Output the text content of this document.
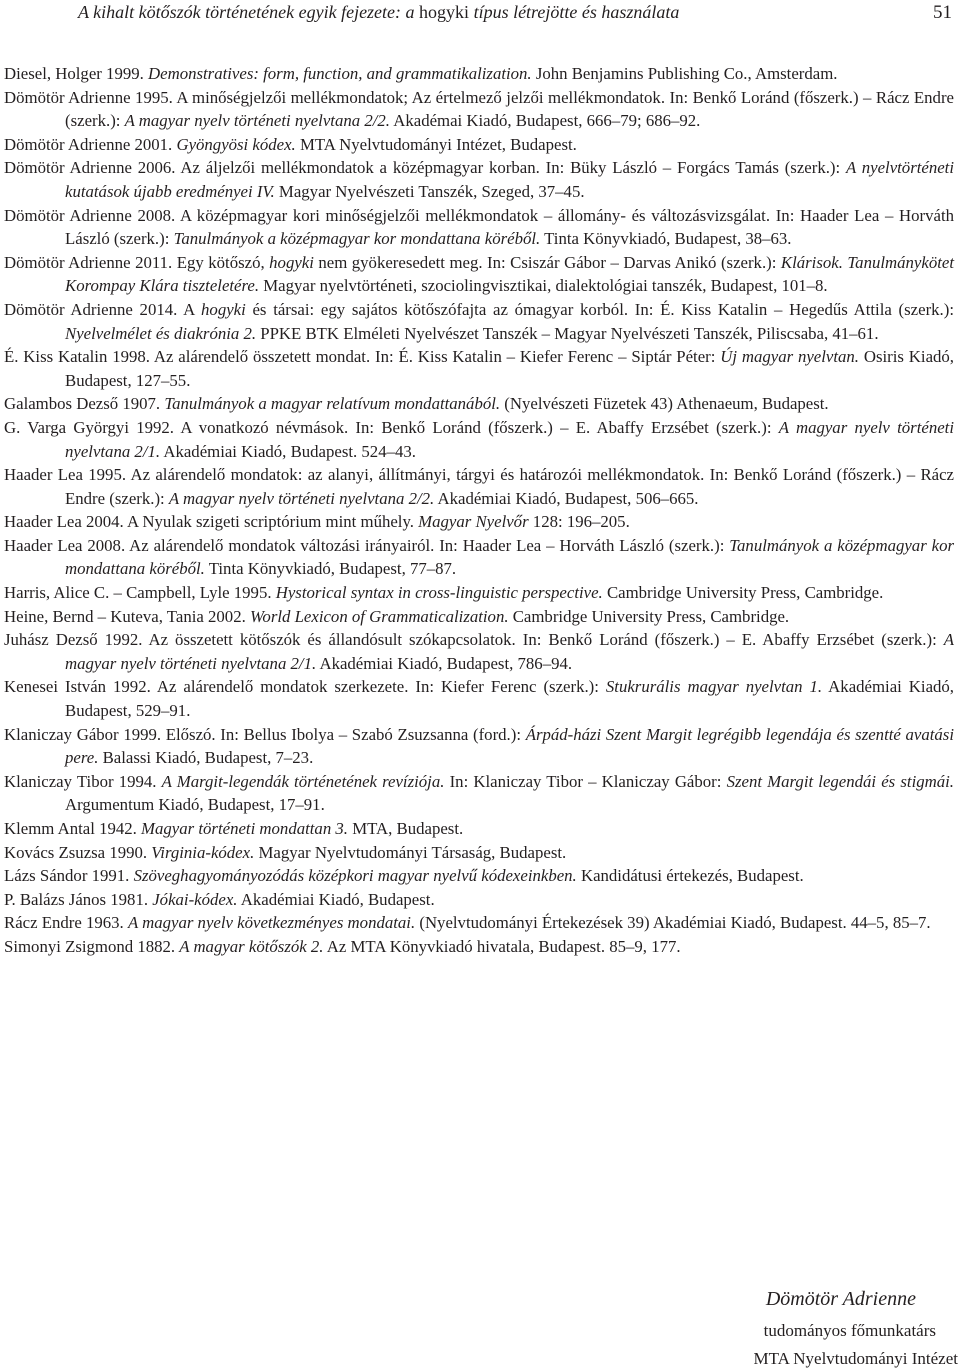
A kihalt kötőszók történetének egyik fejezete: a hogyki típus létrejötte és használata	51

Diesel, Holger 1999. Demonstratives: form, function, and grammatikalization. John Benjamins Publishing Co., Amsterdam.

Dömötör Adrienne 1995. A minőségjelzői mellékmondatok; Az értelmező jelzői mellékmondatok. In: Benkő Loránd (főszerk.) – Rácz Endre (szerk.): A magyar nyelv történeti nyelvtana 2/2. Akadémai Kiadó, Budapest, 666–79; 686–92.

Dömötör Adrienne 2001. Gyöngyösi kódex. MTA Nyelvtudományi Intézet, Budapest.

Dömötör Adrienne 2006. Az áljelzői mellékmondatok a középmagyar korban. In: Büky László – Forgács Tamás (szerk.): A nyelvtörténeti kutatások újabb eredményei IV. Magyar Nyelvészeti Tanszék, Szeged, 37–45.

Dömötör Adrienne 2008. A középmagyar kori minőségjelzői mellékmondatok – állomány- és változásvizsgálat. In: Haader Lea – Horváth László (szerk.): Tanulmányok a középmagyar kor mondattana köréből. Tinta Könyvkiadó, Budapest, 38–63.

Dömötör Adrienne 2011. Egy kötőszó, hogyki nem gyökeresedett meg. In: Csiszár Gábor – Darvas Anikó (szerk.): Klárisok. Tanulmánykötet Korompay Klára tiszteletére. Magyar nyelvtörténeti, szociolingvisztikai, dialektológiai tanszék, Budapest, 101–8.

Dömötör Adrienne 2014. A hogyki és társai: egy sajátos kötőszófajta az ómagyar korból. In: É. Kiss Katalin – Hegedűs Attila (szerk.): Nyelvelmélet és diakrónia 2. PPKE BTK Elméleti Nyelvészet Tanszék – Magyar Nyelvészeti Tanszék, Piliscsaba, 41–61.

É. Kiss Katalin 1998. Az alárendelő összetett mondat. In: É. Kiss Katalin – Kiefer Ferenc – Siptár Péter: Új magyar nyelvtan. Osiris Kiadó, Budapest, 127–55.

Galambos Dezső 1907. Tanulmányok a magyar relatívum mondattanából. (Nyelvészeti Füzetek 43) Athenaeum, Budapest.

G. Varga Györgyi 1992. A vonatkozó névmások. In: Benkő Loránd (főszerk.) – E. Abaffy Erzsébet (szerk.): A magyar nyelv történeti nyelvtana 2/1. Akadémiai Kiadó, Budapest. 524–43.

Haader Lea 1995. Az alárendelő mondatok: az alanyi, állítmányi, tárgyi és határozói mellékmondatok. In: Benkő Loránd (főszerk.) – Rácz Endre (szerk.): A magyar nyelv történeti nyelvtana 2/2. Akadémiai Kiadó, Budapest, 506–665.

Haader Lea 2004. A Nyulak szigeti scriptórium mint műhely. Magyar Nyelvőr 128: 196–205.

Haader Lea 2008. Az alárendelő mondatok változási irányairól. In: Haader Lea – Horváth László (szerk.): Tanulmányok a középmagyar kor mondattana köréből. Tinta Könyvkiadó, Budapest, 77–87.

Harris, Alice C. – Campbell, Lyle 1995. Hystorical syntax in cross-linguistic perspective. Cambridge University Press, Cambridge.

Heine, Bernd – Kuteva, Tania 2002. World Lexicon of Grammaticalization. Cambridge University Press, Cambridge.

Juhász Dezső 1992. Az összetett kötőszók és állandósult szókapcsolatok. In: Benkő Loránd (főszerk.) – E. Abaffy Erzsébet (szerk.): A magyar nyelv történeti nyelvtana 2/1. Akadémiai Kiadó, Budapest, 786–94.

Kenesei István 1992. Az alárendelő mondatok szerkezete. In: Kiefer Ferenc (szerk.): Stukrurális magyar nyelvtan 1. Akadémiai Kiadó, Budapest, 529–91.

Klaniczay Gábor 1999. Előszó. In: Bellus Ibolya – Szabó Zsuzsanna (ford.): Árpád-házi Szent Margit legrégibb legendája és szentté avatási pere. Balassi Kiadó, Budapest, 7–23.

Klaniczay Tibor 1994. A Margit-legendák történetének revíziója. In: Klaniczay Tibor – Klaniczay Gábor: Szent Margit legendái és stigmái. Argumentum Kiadó, Budapest, 17–91.

Klemm Antal 1942. Magyar történeti mondattan 3. MTA, Budapest.

Kovács Zsuzsa 1990. Virginia-kódex. Magyar Nyelvtudományi Társaság, Budapest.

Lázs Sándor 1991. Szöveghagyományozódás középkori magyar nyelvű kódexeinkben. Kandidátusi értekezés, Budapest.

P. Balázs János 1981. Jókai-kódex. Akadémiai Kiadó, Budapest.

Rácz Endre 1963. A magyar nyelv következményes mondatai. (Nyelvtudományi Értekezések 39) Akadémiai Kiadó, Budapest. 44–5, 85–7.

Simonyi Zsigmond 1882. A magyar kötőszók 2. Az MTA Könyvkiadó hivatala, Budapest. 85–9, 177.

Dömötör Adrienne
tudományos főmunkatárs
MTA Nyelvtudományi Intézet
